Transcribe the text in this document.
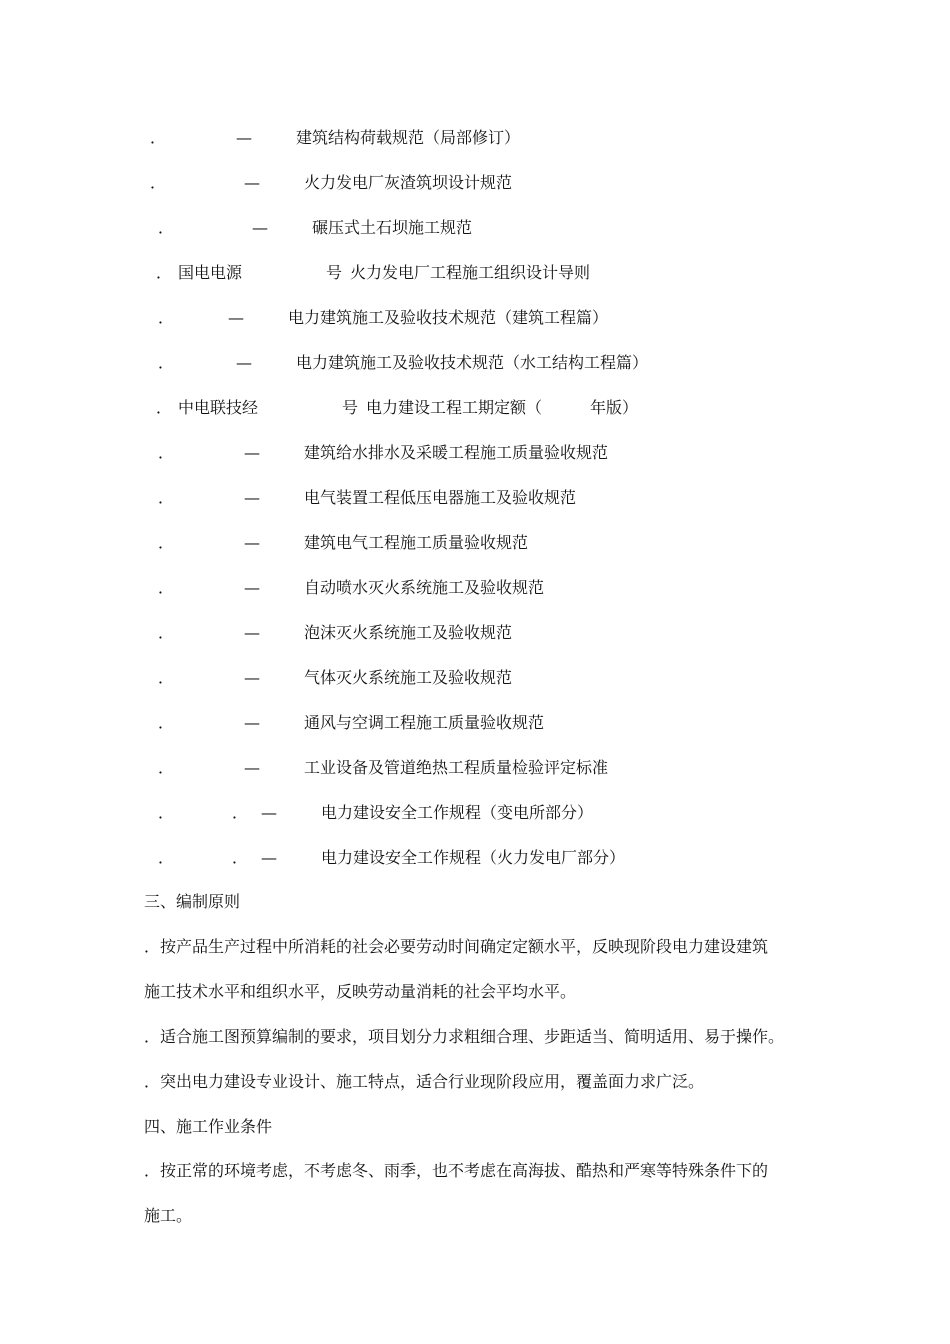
．	—	建筑结构荷载规范（局部修订）
．	—	火力发电厂灰渣筑坝设计规范
．	—	碾压式土石坝施工规范
． 国电电源	号 火力发电厂工程施工组织设计导则
．	—	电力建筑施工及验收技术规范（建筑工程篇）
．	—	电力建筑施工及验收技术规范（水工结构工程篇）
． 中电联技经	号 电力建设工程工期定额（　　　年版）
．	—	建筑给水排水及采暖工程施工质量验收规范
．	—	电气装置工程低压电器施工及验收规范
．	—	建筑电气工程施工质量验收规范
．	—	自动喷水灭火系统施工及验收规范
．	—	泡沫灭火系统施工及验收规范
．	—	气体灭火系统施工及验收规范
．	—	通风与空调工程施工质量验收规范
．	—	工业设备及管道绝热工程质量检验评定标准
．	． —	电力建设安全工作规程（变电所部分）
．	． —	电力建设安全工作规程（火力发电厂部分）
三、编制原则
．按产品生产过程中所消耗的社会必要劳动时间确定定额水平，反映现阶段电力建设建筑
施工技术水平和组织水平，反映劳动量消耗的社会平均水平。
．适合施工图预算编制的要求，项目划分力求粗细合理、步距适当、简明适用、易于操作。
．突出电力建设专业设计、施工特点，适合行业现阶段应用，覆盖面力求广泛。
四、施工作业条件
．按正常的环境考虑，不考虑冬、雨季，也不考虑在高海拔、酷热和严寒等特殊条件下的
施工。
